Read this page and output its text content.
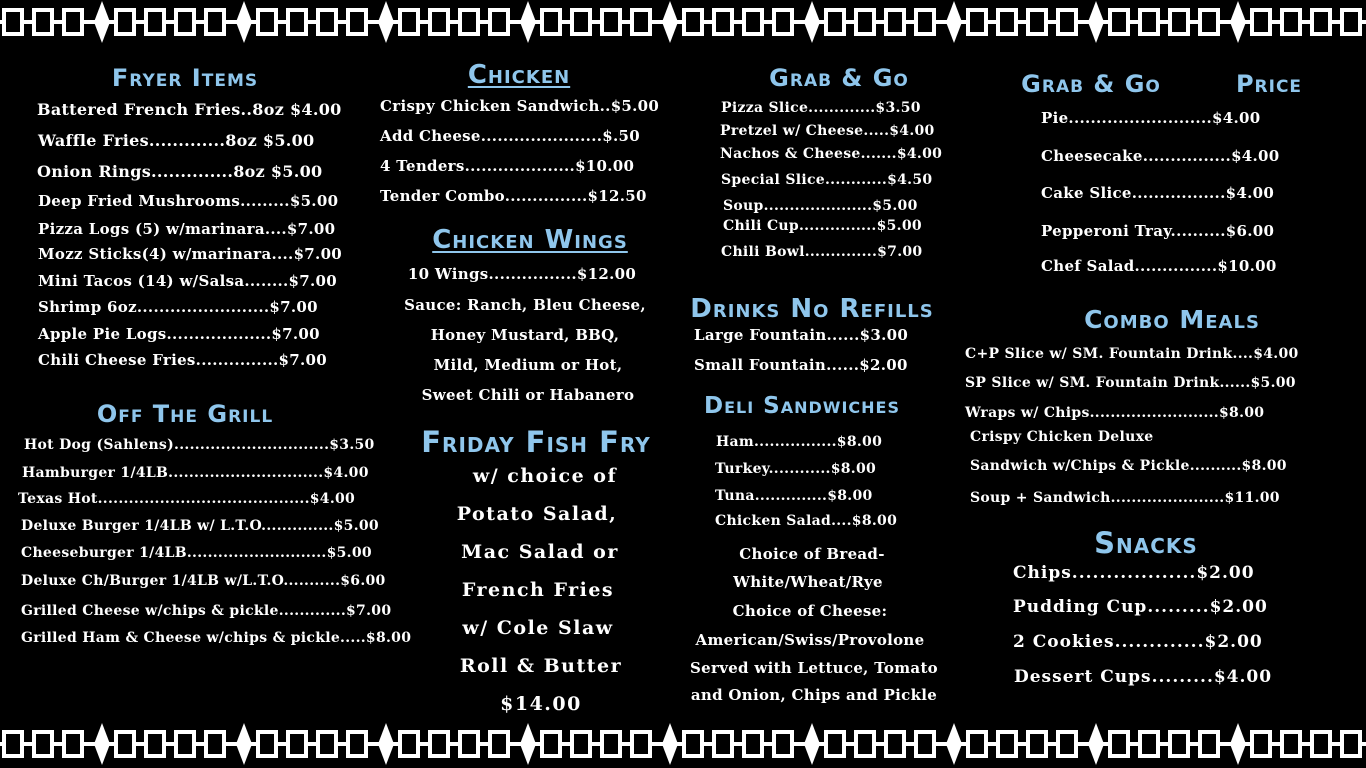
Fryer Items
Battered French Fries..8oz $4.00
Waffle Fries.............8oz $5.00
Onion Rings..............8oz $5.00
Deep Fried Mushrooms.........$5.00
Pizza Logs (5) w/marinara....$7.00
Mozz Sticks(4) w/marinara....$7.00
Mini Tacos (14) w/Salsa........$7.00
Shrimp 6oz........................$7.00
Apple Pie Logs...................$7.00
Chili Cheese Fries...............$7.00
Off The Grill
Hot Dog (Sahlens)..............................$3.50
Hamburger 1/4LB..............................$4.00
Texas Hot.........................................$4.00
Deluxe Burger 1/4LB w/ L.T.O..............$5.00
Cheeseburger 1/4LB...........................$5.00
Deluxe Ch/Burger 1/4LB w/L.T.O...........$6.00
Grilled Cheese w/chips & pickle.............$7.00
Grilled Ham & Cheese w/chips & pickle.....$8.00
Chicken
Crispy Chicken Sandwich..$5.00
Add Cheese......................$.50
4 Tenders....................$10.00
Tender Combo...............$12.50
Chicken Wings
10 Wings................$12.00
Sauce: Ranch, Bleu Cheese,
Honey Mustard, BBQ,
Mild, Medium or Hot,
Sweet Chili or Habanero
Friday Fish Fry
w/ choice of
Potato Salad,
Mac Salad or
French Fries
w/ Cole Slaw
Roll & Butter
$14.00
Grab & Go
Pizza Slice.............$3.50
Pretzel w/ Cheese.....$4.00
Nachos & Cheese.......$4.00
Special Slice............$4.50
Soup.....................$5.00
Chili Cup...............$5.00
Chili Bowl..............$7.00
Drinks No Refills
Large Fountain......$3.00
Small Fountain......$2.00
Deli Sandwiches
Ham................$8.00
Turkey............$8.00
Tuna..............$8.00
Chicken Salad....$8.00
Choice of Bread-
White/Wheat/Rye
Choice of Cheese:
American/Swiss/Provolone
Served with Lettuce, Tomato
and Onion, Chips and Pickle
Grab & Go	Price
Pie..........................$4.00
Cheesecake................$4.00
Cake Slice.................$4.00
Pepperoni Tray..........$6.00
Chef Salad...............$10.00
Combo Meals
C+P Slice w/ SM. Fountain Drink....$4.00
SP Slice w/ SM. Fountain Drink......$5.00
Wraps w/ Chips.........................$8.00
Crispy Chicken Deluxe
Sandwich w/Chips & Pickle..........$8.00
Soup + Sandwich......................$11.00
Snacks
Chips..................$2.00
Pudding Cup.........$2.00
2 Cookies.............$2.00
Dessert Cups.........$4.00
